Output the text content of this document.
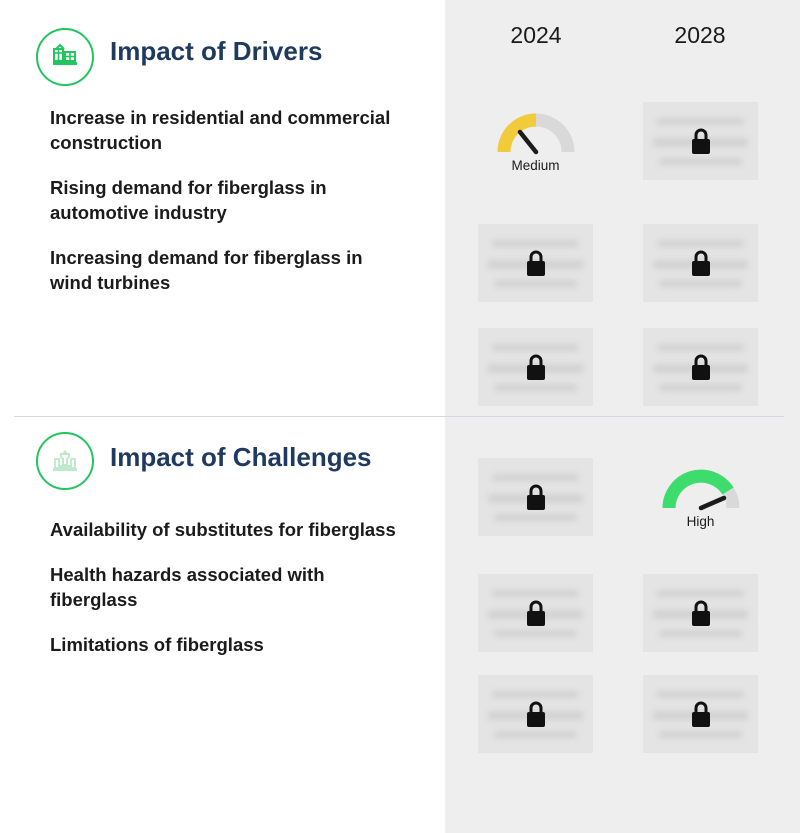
2024	2028
Impact of Drivers
Increase in residential and commercial construction
Rising demand for fiberglass in automotive industry
Increasing demand for fiberglass in wind turbines
Impact of Challenges
Availability of substitutes for fiberglass
Health hazards associated with fiberglass
Limitations of fiberglass
Medium
High
